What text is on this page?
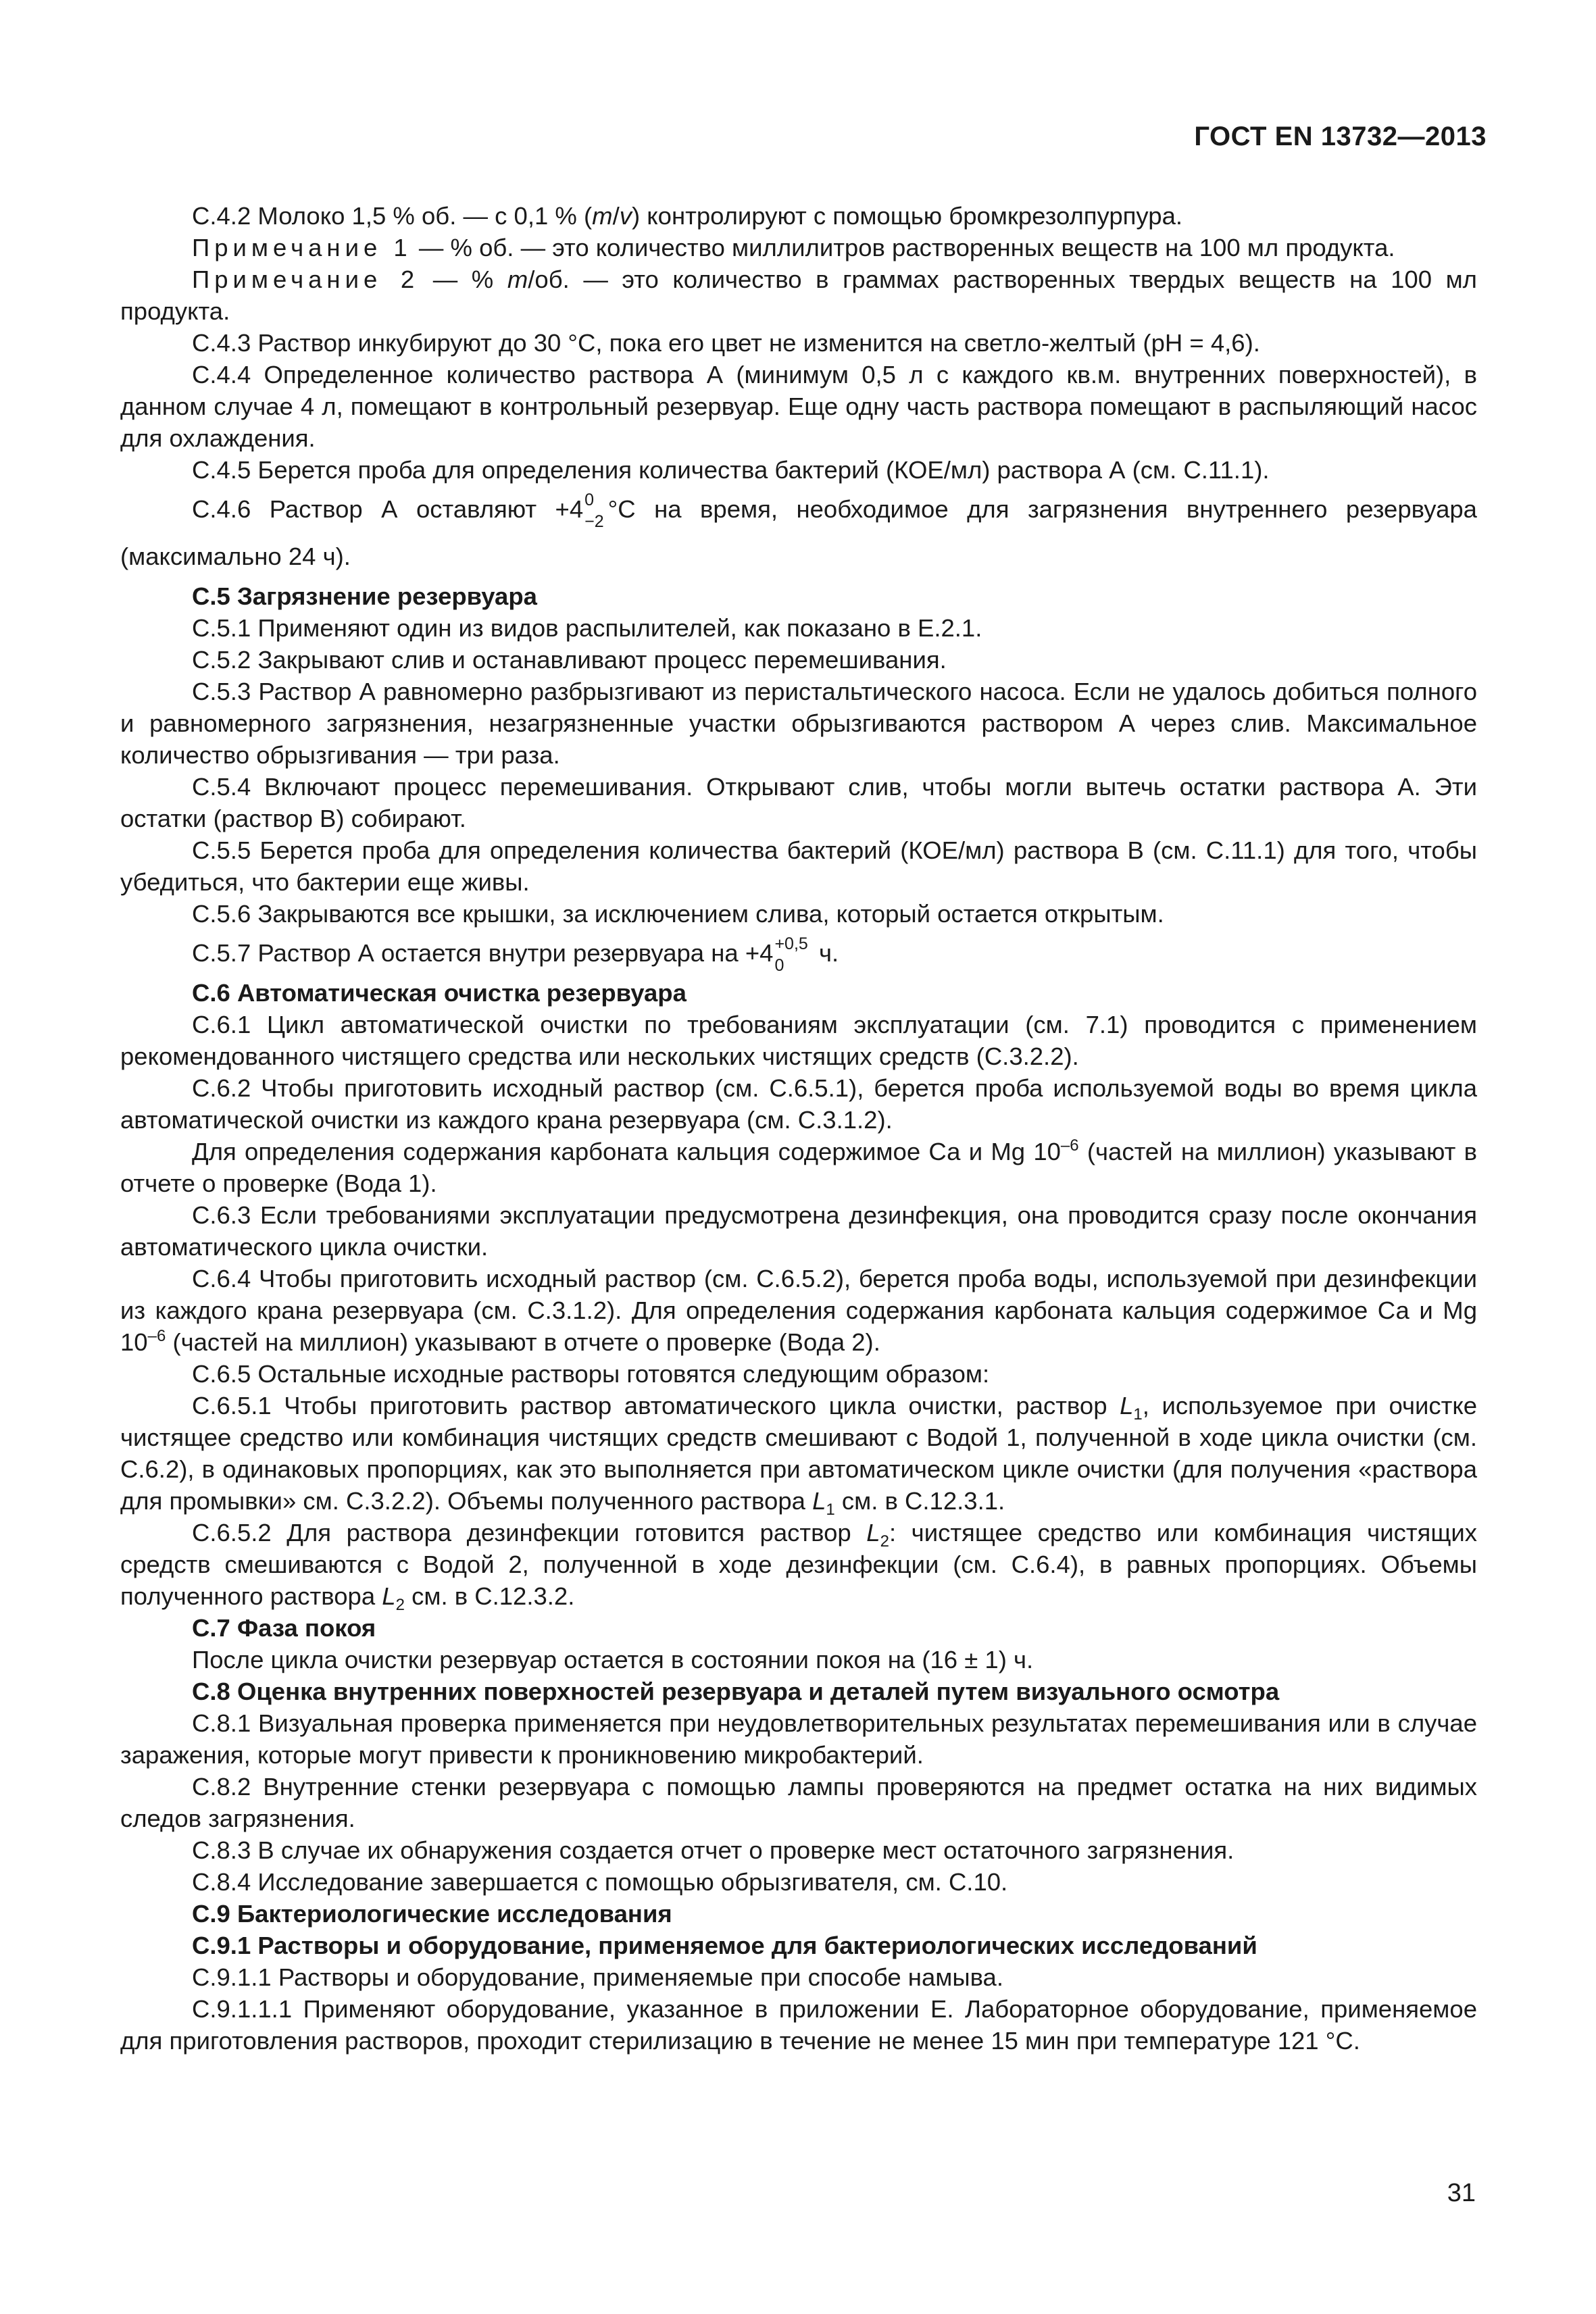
ГОСТ EN 13732—2013

С.4.2 Молоко 1,5 % об. — с 0,1 % (m/v) контролируют с помощью бромкрезолпурпура.

Примечание 1 — % об. — это количество миллилитров растворенных веществ на 100 мл продукта.

Примечание 2 — % m/об. — это количество в граммах растворенных твердых веществ на 100 мл продукта.

С.4.3 Раствор инкубируют до 30 °С, пока его цвет не изменится на светло-желтый (рН = 4,6).

С.4.4 Определенное количество раствора А (минимум 0,5 л с каждого кв.м. внутренних поверхностей), в данном случае 4 л, помещают в контрольный резервуар. Еще одну часть раствора помещают в распыляющий насос для охлаждения.

С.4.5 Берется проба для определения количества бактерий (КОЕ/мл) раствора А (см. С.11.1).

С.4.6 Раствор А оставляют +4 0
−2 °С на время, необходимое для загрязнения внутреннего резервуара (максимально 24 ч).

С.5 Загрязнение резервуара

С.5.1 Применяют один из видов распылителей, как показано в Е.2.1.

С.5.2 Закрывают слив и останавливают процесс перемешивания.

С.5.3 Раствор А равномерно разбрызгивают из перистальтического насоса. Если не удалось добиться полного и равномерного загрязнения, незагрязненные участки обрызгиваются раствором А через слив. Максимальное количество обрызгивания — три раза.

С.5.4 Включают процесс перемешивания. Открывают слив, чтобы могли вытечь остатки раствора А. Эти остатки (раствор В) собирают.

С.5.5 Берется проба для определения количества бактерий (КОЕ/мл) раствора В (см. С.11.1) для того, чтобы убедиться, что бактерии еще живы.

С.5.6 Закрываются все крышки, за исключением слива, который остается открытым.

С.5.7 Раствор А остается внутри резервуара на +4 +0,5
0	ч.

С.6 Автоматическая очистка резервуара

С.6.1 Цикл автоматической очистки по требованиям эксплуатации (см. 7.1) проводится с применением рекомендованного чистящего средства или нескольких чистящих средств (С.3.2.2).

С.6.2 Чтобы приготовить исходный раствор (см. С.6.5.1), берется проба используемой воды во время цикла автоматической очистки из каждого крана резервуара (см. С.3.1.2).

Для определения содержания карбоната кальция содержимое Са и Mg $10^{-6}$ (частей на миллион) указывают в отчете о проверке (Вода 1).

С.6.3 Если требованиями эксплуатации предусмотрена дезинфекция, она проводится сразу после окончания автоматического цикла очистки.

С.6.4 Чтобы приготовить исходный раствор (см. С.6.5.2), берется проба воды, используемой при дезинфекции из каждого крана резервуара (см. С.3.1.2). Для определения содержания карбоната кальция содержимое Са и Mg $10^{-6}$ (частей на миллион) указывают в отчете о проверке (Вода 2).

С.6.5 Остальные исходные растворы готовятся следующим образом:

С.6.5.1 Чтобы приготовить раствор автоматического цикла очистки, раствор $L_1$, используемое при очистке чистящее средство или комбинация чистящих средств смешивают с Водой 1, полученной в ходе цикла очистки (см. С.6.2), в одинаковых пропорциях, как это выполняется при автоматическом цикле очистки (для получения «раствора для промывки» см. С.3.2.2). Объемы полученного раствора $L_1$ см. в С.12.3.1.

С.6.5.2 Для раствора дезинфекции готовится раствор $L_2$: чистящее средство или комбинация чистящих средств смешиваются с Водой 2, полученной в ходе дезинфекции (см. С.6.4), в равных пропорциях. Объемы полученного раствора $L_2$ см. в С.12.3.2.

С.7 Фаза покоя

После цикла очистки резервуар остается в состоянии покоя на (16 ± 1) ч.

С.8 Оценка внутренних поверхностей резервуара и деталей путем визуального осмотра

С.8.1 Визуальная проверка применяется при неудовлетворительных результатах перемешивания или в случае заражения, которые могут привести к проникновению микробактерий.

С.8.2 Внутренние стенки резервуара с помощью лампы проверяются на предмет остатка на них видимых следов загрязнения.

С.8.3 В случае их обнаружения создается отчет о проверке мест остаточного загрязнения.

С.8.4 Исследование завершается с помощью обрызгивателя, см. С.10.

С.9 Бактериологические исследования

С.9.1 Растворы и оборудование, применяемое для бактериологических исследований

С.9.1.1 Растворы и оборудование, применяемые при способе намыва.

С.9.1.1.1 Применяют оборудование, указанное в приложении Е. Лабораторное оборудование, применяемое для приготовления растворов, проходит стерилизацию в течение не менее 15 мин при температуре 121 °С.

31
